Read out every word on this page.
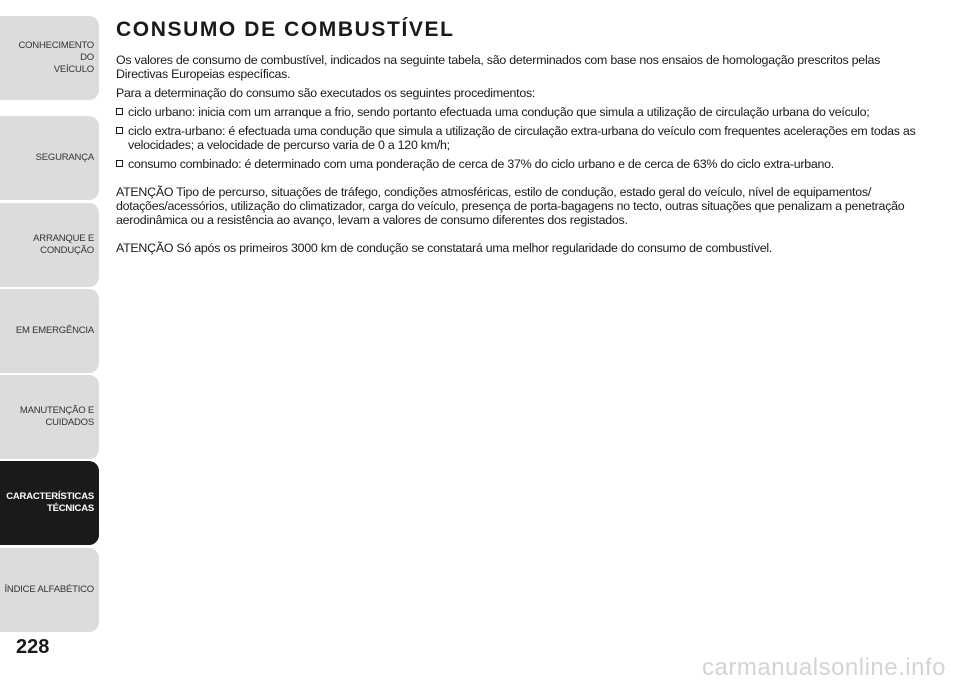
CONHECIMENTO DO
VEÍCULO
SEGURANÇA
ARRANQUE E
CONDUÇÃO
EM EMERGÊNCIA
MANUTENÇÃO E
CUIDADOS
CARACTERÍSTICAS
TÉCNICAS
ÍNDICE ALFABÉTICO
228
CONSUMO DE COMBUSTÍVEL

Os valores de consumo de combustível, indicados na seguinte tabela, são determinados com base nos ensaios de homologação prescritos pelas Directivas Europeias específicas.

Para a determinação do consumo são executados os seguintes procedimentos:

ciclo urbano: inicia com um arranque a frio, sendo portanto efectuada uma condução que simula a utilização de circulação urbana do veículo;
ciclo extra-urbano: é efectuada uma condução que simula a utilização de circulação extra-urbana do veículo com frequentes acelerações em todas as velocidades; a velocidade de percurso varia de 0 a 120 km/h;
consumo combinado: é determinado com uma ponderação de cerca de 37% do ciclo urbano e de cerca de 63% do ciclo extra-urbano.

ATENÇÃO Tipo de percurso, situações de tráfego, condições atmosféricas, estilo de condução, estado geral do veículo, nível de equipamentos/ dotações/acessórios, utilização do climatizador, carga do veículo, presença de porta-bagagens no tecto, outras situações que penalizam a penetração aerodinâmica ou a resistência ao avanço, levam a valores de consumo diferentes dos registados.

ATENÇÃO Só após os primeiros 3000 km de condução se constatará uma melhor regularidade do consumo de combustível.

carmanualsonline.info
